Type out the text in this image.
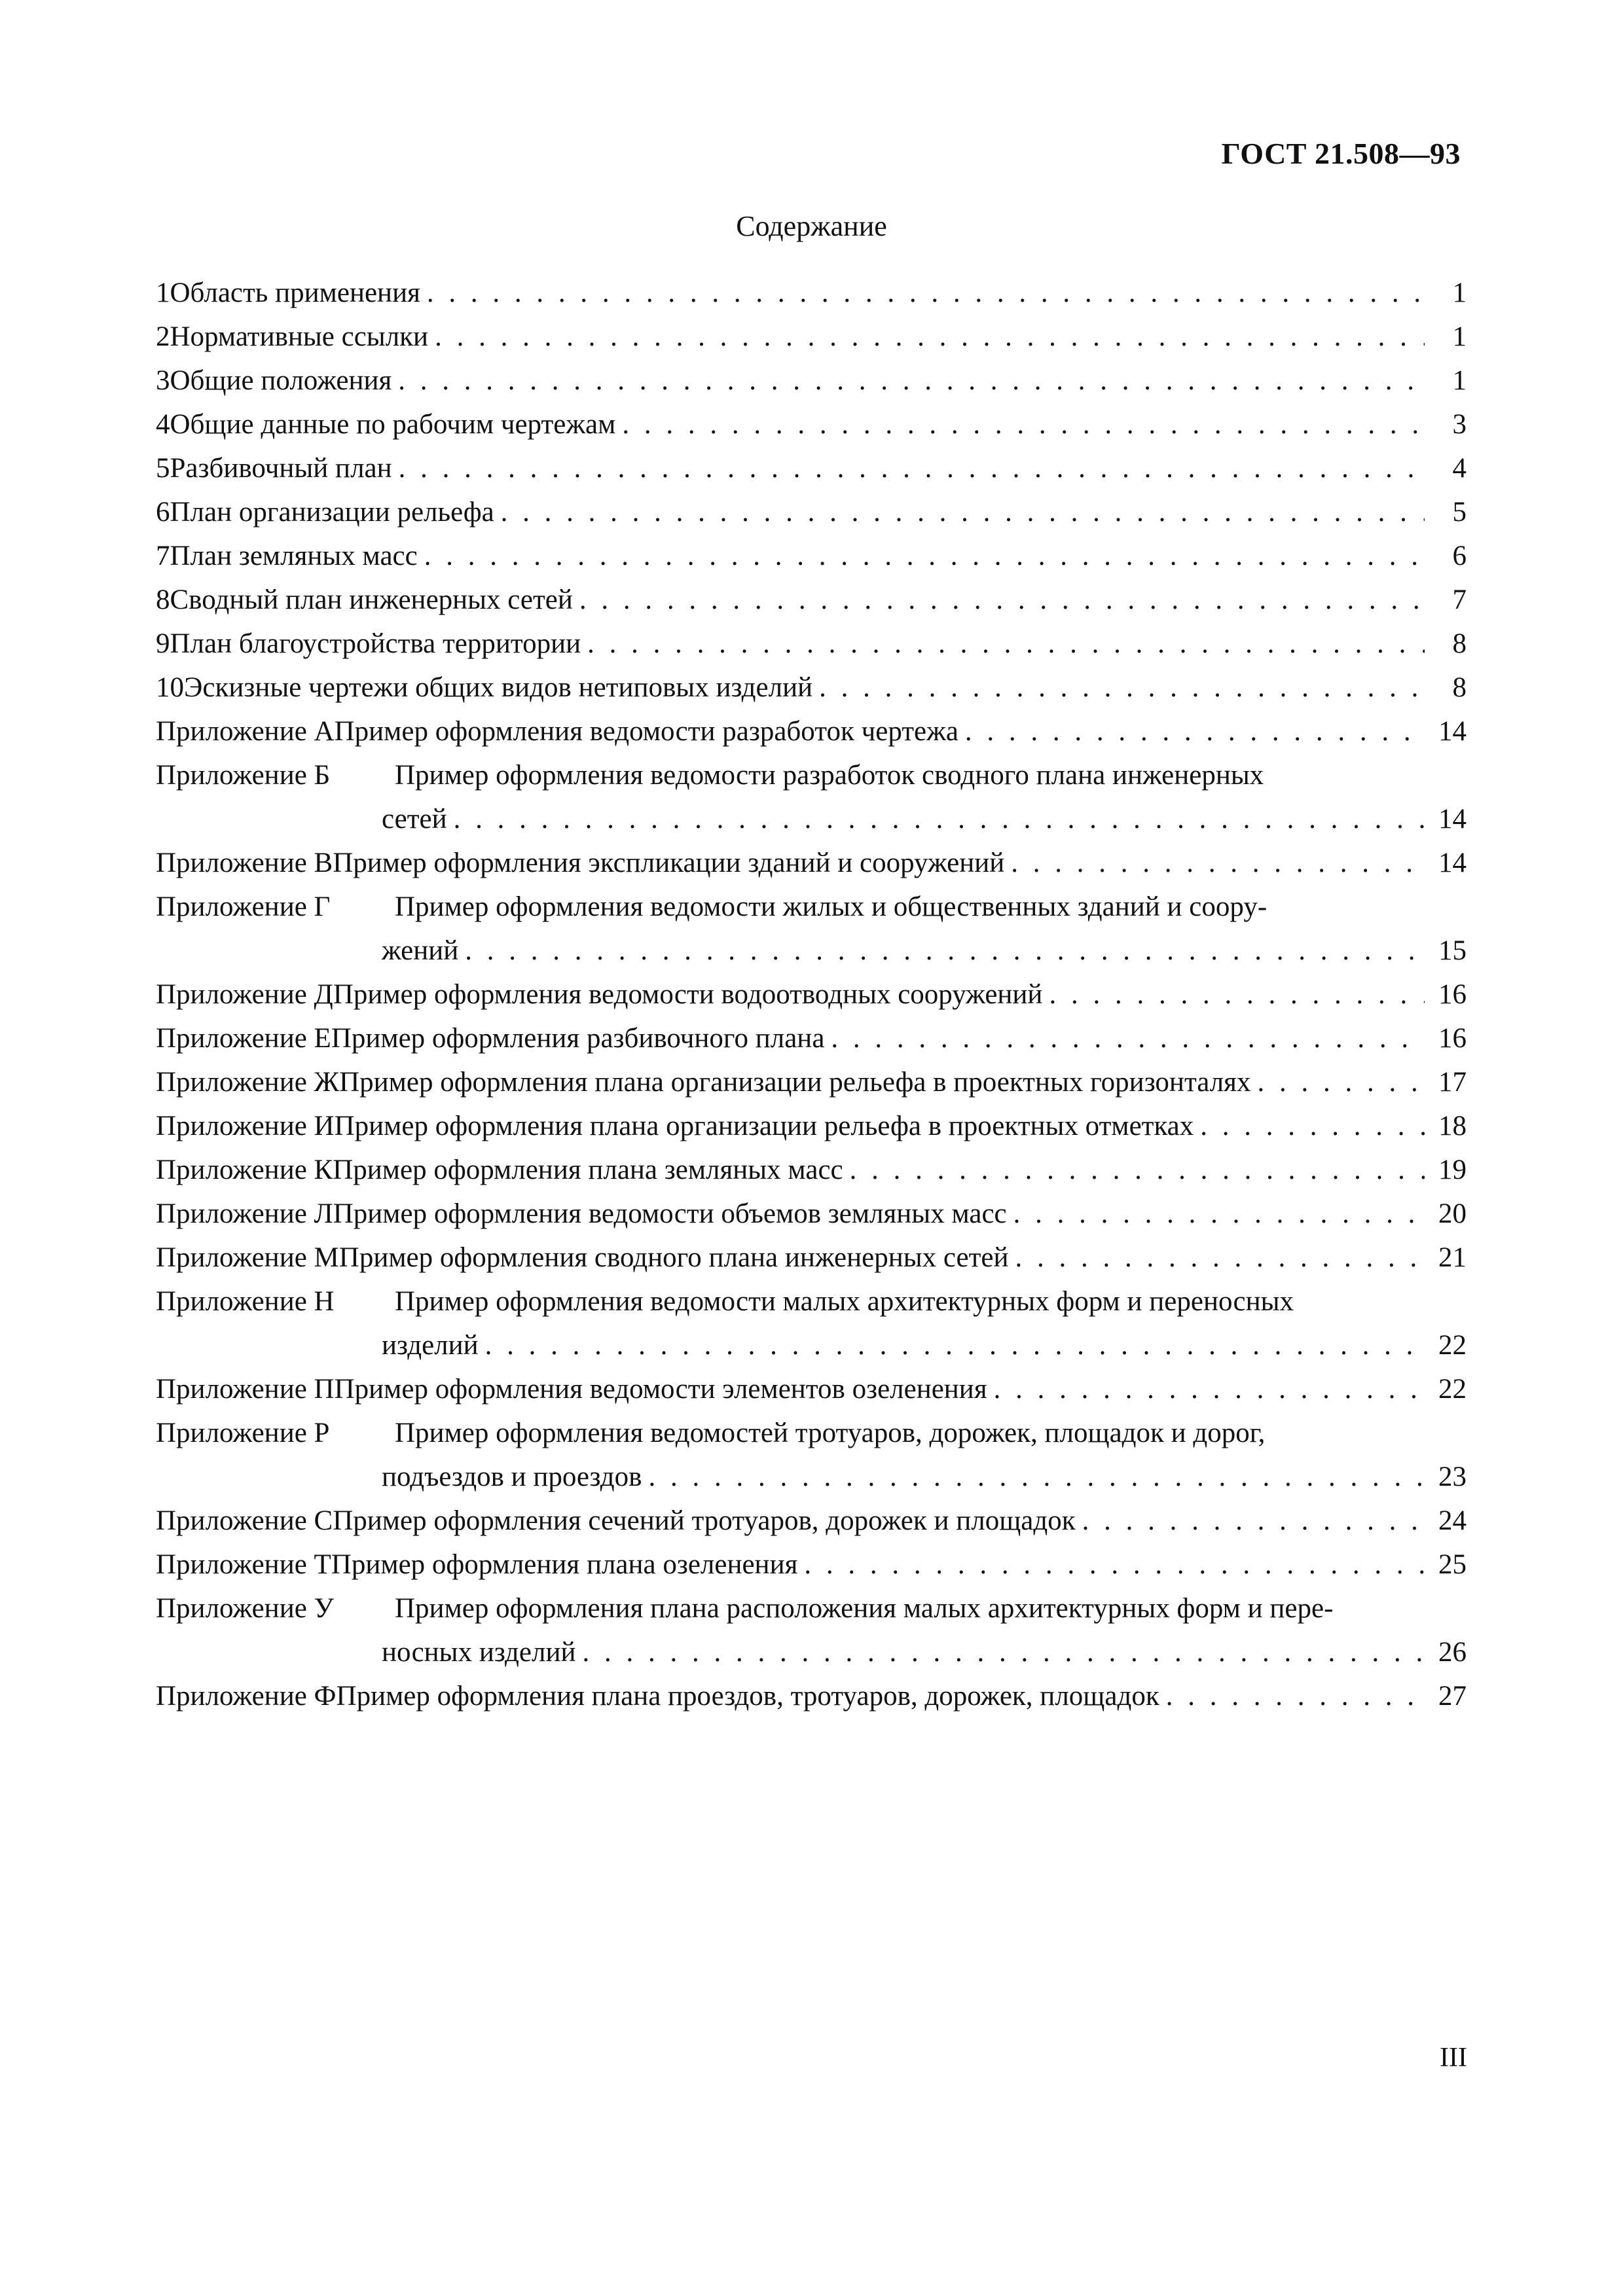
ГОСТ 21.508—93
Содержание
1 Область применения . . .	1
2 Нормативные ссылки . . .	1
3 Общие положения . . .	1
4 Общие данные по рабочим чертежам . . .	3
5 Разбивочный план . . .	4
6 План организации рельефа . . .	5
7 План земляных масс . . .	6
8 Сводный план инженерных сетей . . .	7
9 План благоустройства территории . . .	8
10 Эскизные чертежи общих видов нетиповых изделий . . .	8
Приложение А Пример оформления ведомости разработок чертежа . . .	14
Приложение Б Пример оформления ведомости разработок сводного плана инженерных
сетей . . .	14
Приложение В Пример оформления экспликации зданий и сооружений . . .	14
Приложение Г Пример оформления ведомости жилых и общественных зданий и соору-
жений . . .	15
Приложение Д Пример оформления ведомости водоотводных сооружений . . .	16
Приложение Е Пример оформления разбивочного плана . . .	16
Приложение Ж Пример оформления плана организации рельефа в проектных горизонталях . . .	17
Приложение И Пример оформления плана организации рельефа в проектных отметках . . .	18
Приложение К Пример оформления плана земляных масс . . .	19
Приложение Л Пример оформления ведомости объемов земляных масс . . .	20
Приложение М Пример оформления сводного плана инженерных сетей . . .	21
Приложение Н Пример оформления ведомости малых архитектурных форм и переносных
изделий . . .	22
Приложение П Пример оформления ведомости элементов озеленения . . .	22
Приложение Р Пример оформления ведомостей тротуаров, дорожек, площадок и дорог,
подъездов и проездов . . .	23
Приложение С Пример оформления сечений тротуаров, дорожек и площадок . . .	24
Приложение Т Пример оформления плана озеленения . . .	25
Приложение У Пример оформления плана расположения малых архитектурных форм и пере-
носных изделий . . .	26
Приложение Ф Пример оформления плана проездов, тротуаров, дорожек, площадок . . .	27
III
